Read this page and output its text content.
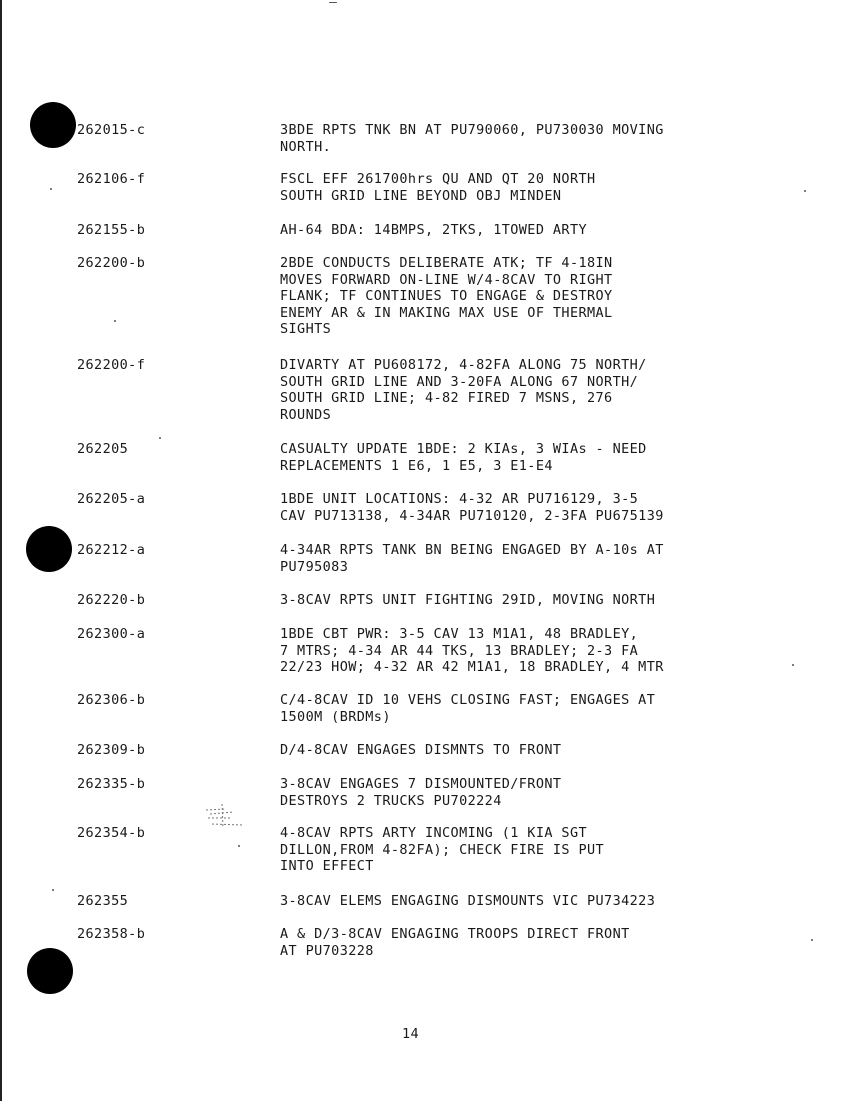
262015-c	3BDE RPTS TNK BN AT PU790060, PU730030 MOVING
NORTH.
262106-f	FSCL EFF 261700hrs QU AND QT 20 NORTH
SOUTH GRID LINE BEYOND OBJ MINDEN
262155-b	AH-64 BDA: 14BMPS, 2TKS, 1TOWED ARTY
262200-b	2BDE CONDUCTS DELIBERATE ATK; TF 4-18IN
MOVES FORWARD ON-LINE W/4-8CAV TO RIGHT
FLANK; TF CONTINUES TO ENGAGE & DESTROY
ENEMY AR & IN MAKING MAX USE OF THERMAL
SIGHTS
262200-f	DIVARTY AT PU608172, 4-82FA ALONG 75 NORTH/
SOUTH GRID LINE AND 3-20FA ALONG 67 NORTH/
SOUTH GRID LINE; 4-82 FIRED 7 MSNS, 276
ROUNDS
262205	CASUALTY UPDATE 1BDE: 2 KIAs, 3 WIAs - NEED
REPLACEMENTS 1 E6, 1 E5, 3 E1-E4
262205-a	1BDE UNIT LOCATIONS: 4-32 AR PU716129, 3-5
CAV PU713138, 4-34AR PU710120, 2-3FA PU675139
262212-a	4-34AR RPTS TANK BN BEING ENGAGED BY A-10s AT
PU795083
262220-b	3-8CAV RPTS UNIT FIGHTING 29ID, MOVING NORTH
262300-a	1BDE CBT PWR: 3-5 CAV 13 M1A1, 48 BRADLEY,
7 MTRS; 4-34 AR 44 TKS, 13 BRADLEY; 2-3 FA
22/23 HOW; 4-32 AR 42 M1A1, 18 BRADLEY, 4 MTR
262306-b	C/4-8CAV ID 10 VEHS CLOSING FAST; ENGAGES AT
1500M (BRDMs)
262309-b	D/4-8CAV ENGAGES DISMNTS TO FRONT
262335-b	3-8CAV ENGAGES 7 DISMOUNTED/FRONT
DESTROYS 2 TRUCKS PU702224
262354-b	4-8CAV RPTS ARTY INCOMING (1 KIA SGT
DILLON,FROM 4-82FA); CHECK FIRE IS PUT
INTO EFFECT
262355	3-8CAV ELEMS ENGAGING DISMOUNTS VIC PU734223
262358-b	A & D/3-8CAV ENGAGING TROOPS DIRECT FRONT
AT PU703228
14
